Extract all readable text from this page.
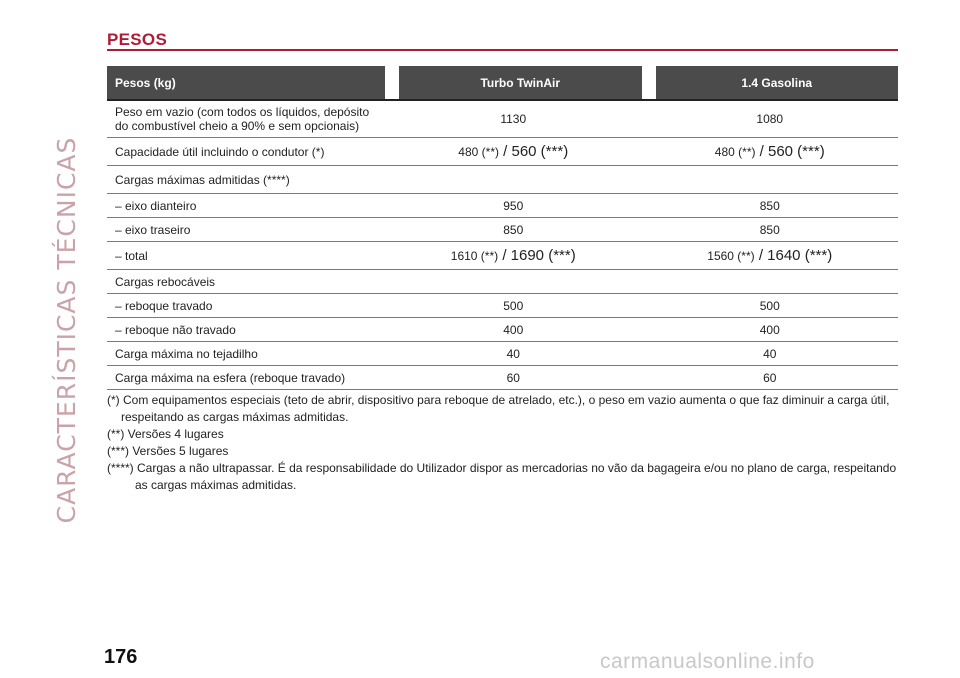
CARACTERÍSTICAS TÉCNICAS
PESOS
Pesos (kg)		Turbo TwinAir		1.4 Gasolina
Peso em vazio (com todos os líquidos, depósito do combustível cheio a 90% e sem opcionais)	1130		1080	
Capacidade útil incluindo o condutor (*)	480 (**) / 560 (***)		480 (**) / 560 (***)	
Cargas máximas admitidas (****)				
– eixo dianteiro	950		850	
– eixo traseiro	850		850	
– total	1610 (**) / 1690 (***)		1560 (**) / 1640 (***)	
Cargas rebocáveis				
– reboque travado	500		500	
– reboque não travado	400		400	
Carga máxima no tejadilho	40		40	
Carga máxima na esfera (reboque travado)	60		60	

(*) Com equipamentos especiais (teto de abrir, dispositivo para reboque de atrelado, etc.), o peso em vazio aumenta o que faz diminuir a carga útil, respeitando as cargas máximas admitidas.

(**) Versões 4 lugares

(***) Versões 5 lugares

(****) Cargas a não ultrapassar. É da responsabilidade do Utilizador dispor as mercadorias no vão da bagageira e/ou no plano de carga, respeitando as cargas máximas admitidas.

176	carmanualsonline.info
